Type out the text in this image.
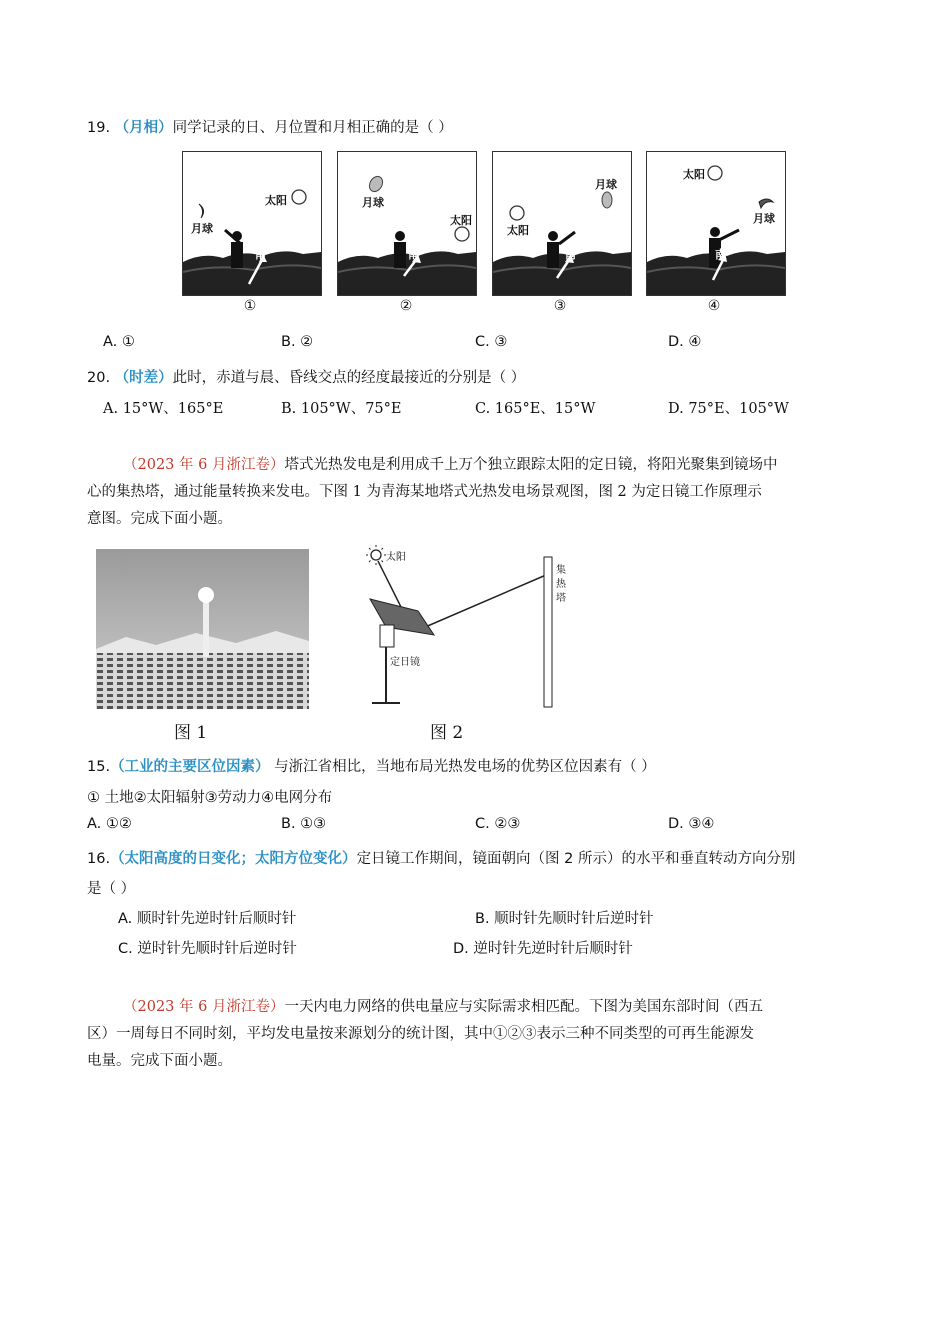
19. （月相）同学记录的日、月位置和月相正确的是（ ）
太阳
月球
南
太阳
月球
南
太阳
月球
南
太阳
月球
南
①	②	③	④
A. ①	B. ②	C. ③	D. ④
20. （时差）此时，赤道与晨、昏线交点的经度最接近的分别是（ ）
A. 15°W、165°E	B. 105°W、75°E	C. 165°E、15°W	D. 75°E、105°W
（2023 年 6 月浙江卷）塔式光热发电是利用成千上万个独立跟踪太阳的定日镜，将阳光聚集到镜场中
心的集热塔，通过能量转换来发电。下图 1 为青海某地塔式光热发电场景观图，图 2 为定日镜工作原理示
意图。完成下面小题。
图 1
太阳
集
热
塔
定日镜
图 2
15.（工业的主要区位因素） 与浙江省相比，当地布局光热发电场的优势区位因素有（ ）
① 土地②太阳辐射③劳动力④电网分布
A. ①②	B. ①③	C. ②③	D. ③④
16.（太阳高度的日变化；太阳方位变化）定日镜工作期间，镜面朝向（图 2 所示）的水平和垂直转动方向分别
是（ ）
A. 顺时针先逆时针后顺时针	B. 顺时针先顺时针后逆时针
C. 逆时针先顺时针后逆时针	D. 逆时针先逆时针后顺时针
（2023 年 6 月浙江卷）一天内电力网络的供电量应与实际需求相匹配。下图为美国东部时间（西五
区）一周每日不同时刻，平均发电量按来源划分的统计图，其中①②③表示三种不同类型的可再生能源发
电量。完成下面小题。
